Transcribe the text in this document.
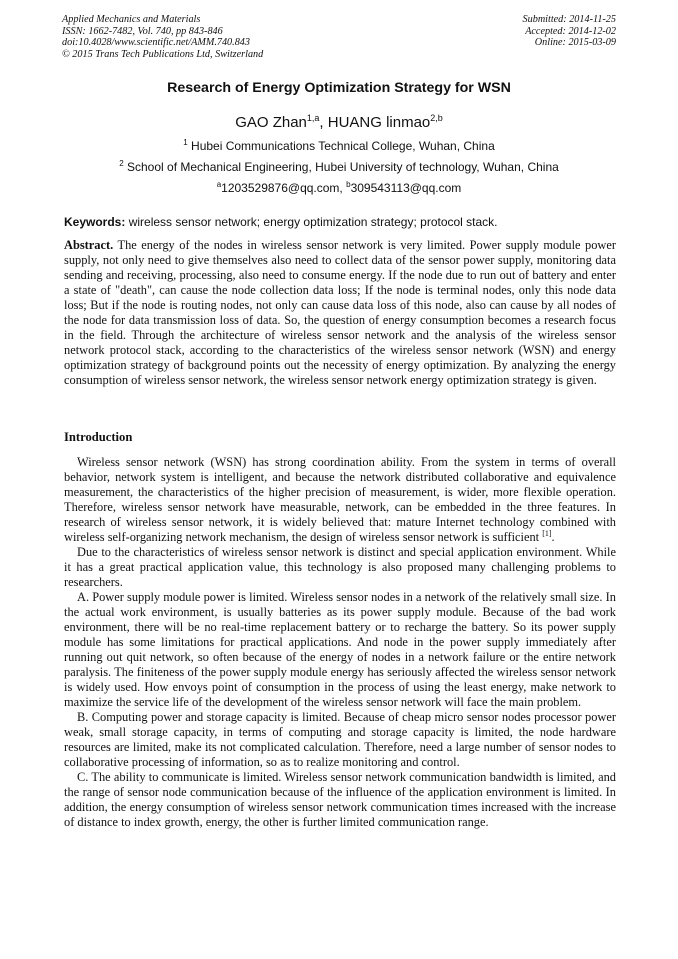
Applied Mechanics and Materials
ISSN: 1662-7482, Vol. 740, pp 843-846
doi:10.4028/www.scientific.net/AMM.740.843
© 2015 Trans Tech Publications Ltd, Switzerland
Submitted: 2014-11-25
Accepted: 2014-12-02
Online: 2015-03-09
Research of Energy Optimization Strategy for WSN
GAO Zhan$^{1,a}$, HUANG linmao$^{2,b}$
$^1$ Hubei Communications Technical College, Wuhan, China
$^2$ School of Mechanical Engineering, Hubei University of technology, Wuhan, China
$^a$1203529876@qq.com, $^b$309543113@qq.com
Keywords: wireless sensor network; energy optimization strategy; protocol stack.

Abstract. The energy of the nodes in wireless sensor network is very limited. Power supply module power supply, not only need to give themselves also need to collect data of the sensor power supply, monitoring data sending and receiving, processing, also need to consume energy. If the node due to run out of battery and enter a state of "death", can cause the node collection data loss; If the node is terminal nodes, only this node data loss; But if the node is routing nodes, not only can cause data loss of this node, also can cause by all nodes of the node for data transmission loss of data. So, the question of energy consumption becomes a research focus in the field. Through the architecture of wireless sensor network and the analysis of the wireless sensor network protocol stack, according to the characteristics of the wireless sensor network (WSN) and energy optimization strategy of background points out the necessity of energy optimization. By analyzing the energy consumption of wireless sensor network, the wireless sensor network energy optimization strategy is given.

Introduction

Wireless sensor network (WSN) has strong coordination ability. From the system in terms of overall behavior, network system is intelligent, and because the network distributed collaborative and equivalence measurement, the characteristics of the higher precision of measurement, is wider, more flexible operation. Therefore, wireless sensor network have measurable, network, can be embedded in the three features. In research of wireless sensor network, it is widely believed that: mature Internet technology combined with wireless self-organizing network mechanism, the design of wireless sensor network is sufficient [1].

Due to the characteristics of wireless sensor network is distinct and special application environment. While it has a great practical application value, this technology is also proposed many challenging problems to researchers.

A. Power supply module power is limited. Wireless sensor nodes in a network of the relatively small size. In the actual work environment, is usually batteries as its power supply module. Because of the bad work environment, there will be no real-time replacement battery or to recharge the battery. So its power supply module has some limitations for practical applications. And node in the power supply immediately after running out quit network, so often because of the energy of nodes in a network failure or the entire network paralysis. The finiteness of the power supply module energy has seriously affected the wireless sensor network is widely used. How envoys point of consumption in the process of using the least energy, make network to maximize the service life of the development of the wireless sensor network will face the main problem.

B. Computing power and storage capacity is limited. Because of cheap micro sensor nodes processor power weak, small storage capacity, in terms of computing and storage capacity is limited, the node hardware resources are limited, make its not complicated calculation. Therefore, need a large number of sensor nodes to collaborative processing of information, so as to realize monitoring and control.

C. The ability to communicate is limited. Wireless sensor network communication bandwidth is limited, and the range of sensor node communication because of the influence of the application environment is limited. In addition, the energy consumption of wireless sensor network communication times increased with the increase of distance to index growth, energy, the other is further limited communication range.
